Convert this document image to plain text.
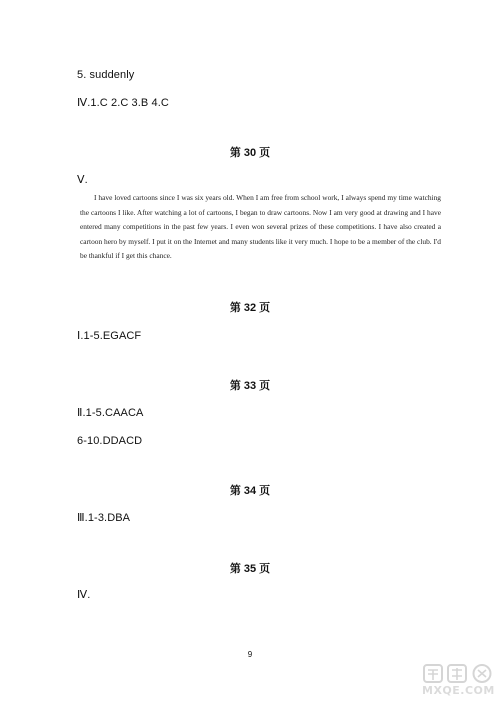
5. suddenly
Ⅳ.1.C 2.C 3.B 4.C
第 30 页
Ⅴ.
I have loved cartoons since I was six years old. When I am free from school work, I always spend my time watching the cartoons I like. After watching a lot of cartoons, I began to draw cartoons. Now I am very good at drawing and I have entered many competitions in the past few years. I even won several prizes of these competitions. I have also created a cartoon hero by myself. I put it on the Internet and many students like it very much. I hope to be a member of the club. I'd be thankful if I get this chance.
第 32 页
Ⅰ.1-5.EGACF
第 33 页
Ⅱ.1-5.CAACA
6-10.DDACD
第 34 页
Ⅲ.1-3.DBA
第 35 页
Ⅳ.
9
MXQE.COM
